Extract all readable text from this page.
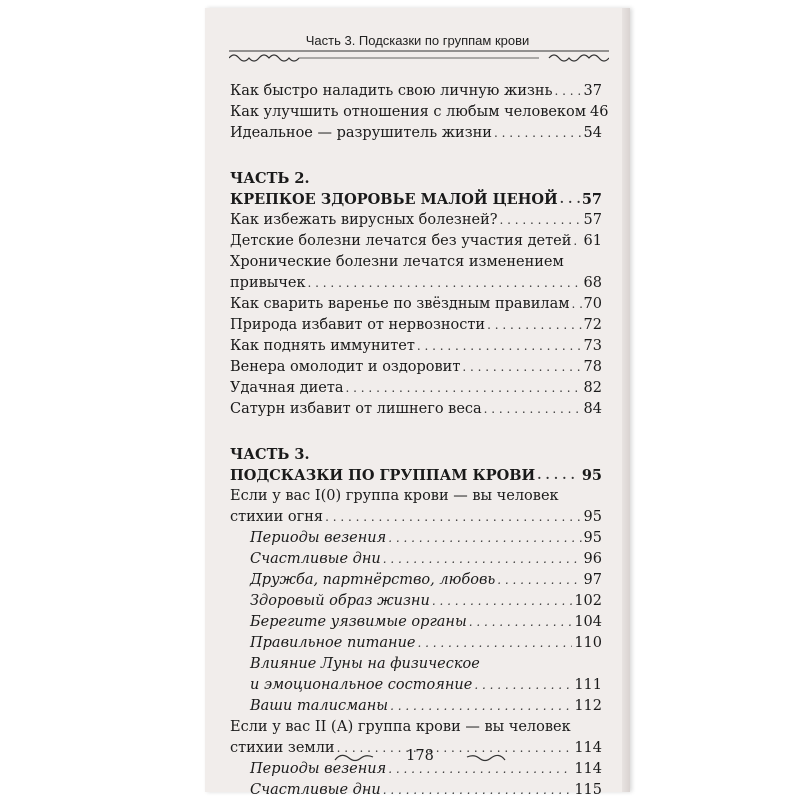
Часть 3. Подсказки по группам крови
Как быстро наладить свою личную жизнь . . . 37
Как улучшить отношения с любым человеком 46
Идеальное — разрушитель жизни . . .	54
ЧАСТЬ 2.
КРЕПКОЕ ЗДОРОВЬЕ МАЛОЙ ЦЕНОЙ . . . 57
Как избежать вирусных болезней? . . .	57
Детские болезни лечатся без участия детей . . . 61
Хронические болезни лечатся изменением
привычек . . .	68
Как сварить варенье по звёздным правилам . . . 70
Природа избавит от нервозности . . .	72
Как поднять иммунитет . . .	73
Венера омолодит и оздоровит . . .	78
Удачная диета . . .	82
Сатурн избавит от лишнего веса . . .	84
ЧАСТЬ 3.
ПОДСКАЗКИ ПО ГРУППАМ КРОВИ . . .	95
Если у вас I(0) группа крови — вы человек
стихии огня . . .	95
Периоды везения . . .	95
Счастливые дни . . .	96
Дружба, партнёрство, любовь . . .	97
Здоровый образ жизни . . .	102
Берегите уязвимые органы . . .	104
Правильное питание . . .	110
Влияние Луны на физическое
и эмоциональное состояние . . .	111
Ваши талисманы . . .	112
Если у вас II (А) группа крови — вы человек
стихии земли . . .	114
Периоды везения . . .	114
Счастливые дни . . .	115
178
